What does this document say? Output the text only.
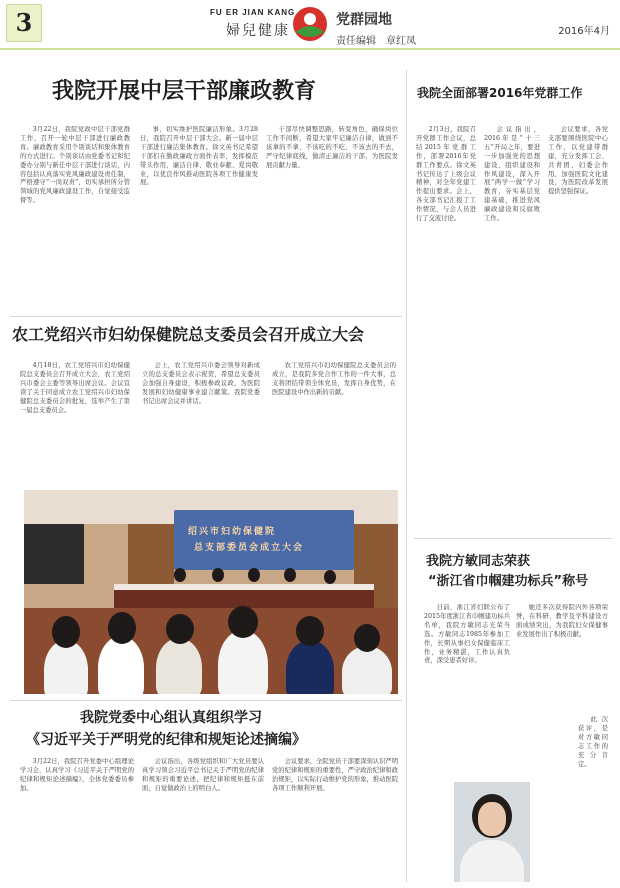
3	FU ER JIAN KANG
婦兒健康
党群园地
责任编辑　章红凤
2016年4月
我院开展中层干部廉政教育

3月22日，我院党政中层干部党群工作，召开一轮中层干部进行廉政教育。廉政教育采用个别谈话和集体教育的方式进行。个别谈话由党委书记和纪委办分别与新任中层干部进行谈话，内容包括认真落实党风廉政建设责任制，严格遵守“一岗双责”，切实承担所分管领域的党风廉政建设工作，自觉接受监督等。

事，切实维护医院廉洁形象。3月28日，我院召开中层干部大会。新一届中层干部进行廉洁集体教育。徐文英书记希望干部们在勤政廉政方面作表率，发挥模范带头作用，廉洁自律、敬业奉献、爱岗敬业，以优良作风推动医院各项工作健康发展。

干部尽快调整思路，转变角色，确保岗位工作不间断，希望大家牢记廉洁自律，做到不该拿的不拿、不该吃的不吃、不该去的不去，严守纪律底线，做清正廉洁的干部，为医院发展贡献力量。

我院全面部署2016年党群工作

2月3日，我院召开党群工作会议，总结2015年党群工作，部署2016年党群工作要点。徐文英书记传达了上级会议精神，对全年党建工作提出要求。会上，各支部书记汇报了工作情况，与会人员进行了交流讨论。

会议指出，2016年是“十三五”开局之年，要进一步加强党的思想建设、组织建设和作风建设，深入开展“两学一做”学习教育，夯实基层党建基础，推进党风廉政建设和反腐败工作。

会议要求，各党支部要围绕医院中心工作，以党建带群建，充分发挥工会、共青团、妇委会作用，加强医院文化建设，为医院改革发展提供坚强保证。

农工党绍兴市妇幼保健院总支委员会召开成立大会

4月18日，农工党绍兴市妇幼保健院总支委员会召开成立大会，农工党绍兴市委会主委等领导出席会议。会议宣读了关于同意成立农工党绍兴市妇幼保健院总支委员会的批复，选举产生了第一届总支委员会。

会上，农工党绍兴市委会领导对新成立的总支委员会表示祝贺，希望总支委员会加强自身建设，积极参政议政，为医院发展和妇幼健康事业建言献策。我院党委书记出席会议并讲话。

农工党绍兴市妇幼保健院总支委员会的成立，是我院多党合作工作的一件大事，总支将团结带领全体党员，发挥自身优势，在医院建设中作出新的贡献。

绍兴市妇幼保健院
总支部委员会成立大会
我院方敏同志荣获
“浙江省巾帼建功标兵”称号

日前，浙江省妇联公布了2015年度浙江省巾帼建功标兵名单，我院方敏同志光荣当选。方敏同志1985年参加工作，长期从事妇女保健临床工作，业务精湛，工作认真负责，深受患者好评。

她还多次获得院内外各项荣誉，在科研、教学及学科建设方面成绩突出，为我院妇女保健事业发展作出了积极贡献。

此次获评，是对方敏同志工作的充分肯定。

我院党委中心组认真组织学习
《习近平关于严明党的纪律和规矩论述摘编》

3月22日，我院召开党委中心组理论学习会，认真学习《习近平关于严明党的纪律和规矩论述摘编》，全体党委委员参加。

会议指出，各级党组织和广大党员要认真学习领会习近平总书记关于严明党的纪律和规矩的重要论述，把纪律和规矩挺在前面，自觉做政治上的明白人。

会议要求，全院党员干部要深刻认识严明党的纪律和规矩的重要性，严守政治纪律和政治规矩，以实际行动维护党的形象，推动医院各项工作顺利开展。
